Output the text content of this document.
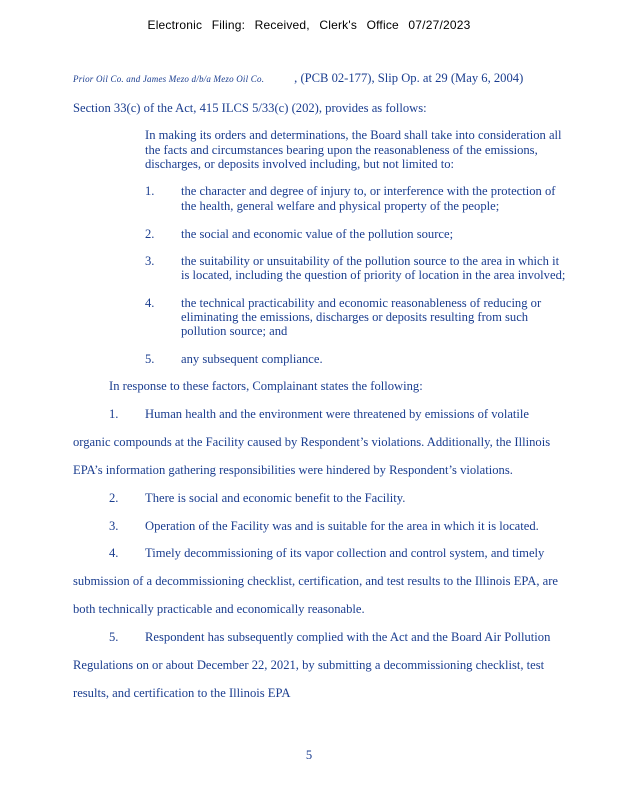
Electronic Filing: Received, Clerk's Office 07/27/2023
Prior Oil Co. and James Mezo d/b/a Mezo Oil Co. , (PCB 02-177), Slip Op. at 29 (May 6, 2004)
Section 33(c) of the Act, 415 ILCS 5/33(c) (202), provides as follows:
In making its orders and determinations, the Board shall take into consideration all
the facts and circumstances bearing upon the reasonableness of the emissions,
discharges, or deposits involved including, but not limited to:
1. the character and degree of injury to, or interference with the protection of
the health, general welfare and physical property of the people;
2. the social and economic value of the pollution source;
3. the suitability or unsuitability of the pollution source to the area in which it
is located, including the question of priority of location in the area involved;
4. the technical practicability and economic reasonableness of reducing or
eliminating the emissions, discharges or deposits resulting from such
pollution source; and
5. any subsequent compliance.
In response to these factors, Complainant states the following:
1. Human health and the environment were threatened by emissions of volatile
organic compounds at the Facility caused by Respondent’s violations. Additionally, the Illinois
EPA’s information gathering responsibilities were hindered by Respondent’s violations.
2. There is social and economic benefit to the Facility.
3. Operation of the Facility was and is suitable for the area in which it is located.
4. Timely decommissioning of its vapor collection and control system, and timely
submission of a decommissioning checklist, certification, and test results to the Illinois EPA, are
both technically practicable and economically reasonable.
5. Respondent has subsequently complied with the Act and the Board Air Pollution
Regulations on or about December 22, 2021, by submitting a decommissioning checklist, test
results, and certification to the Illinois EPA
5
